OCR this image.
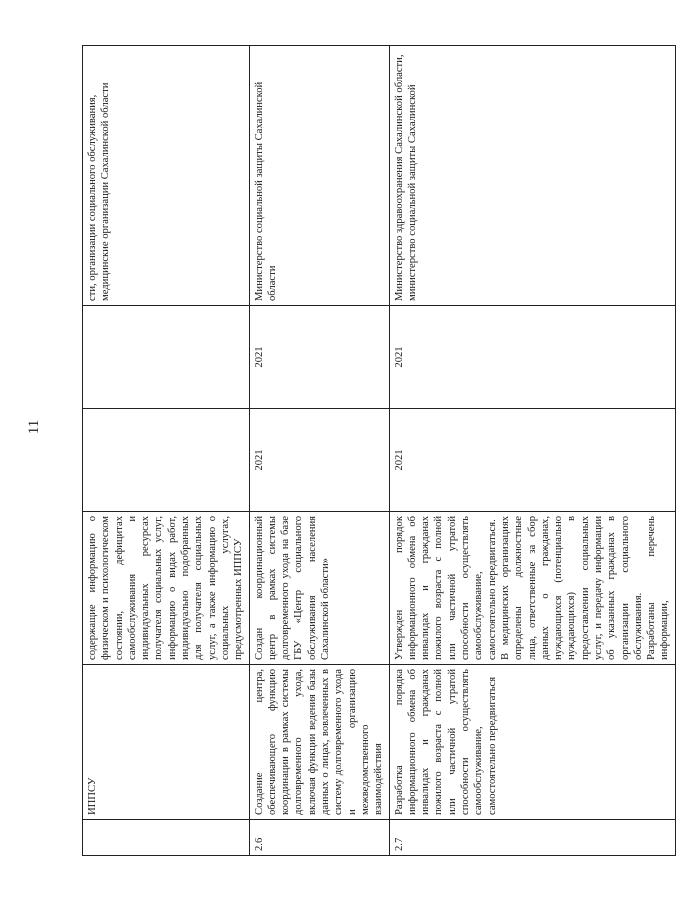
11
	ИППСУ	содержащие информацию о физическом и психологическом состоянии, дефицитах самообслуживания и индивидуальных ресурсах получателя социальных услуг, информацию о видах работ, индивидуально подобранных для получателя социальных услуг, а также информацию о социальных услугах, предусмотренных ИППСУ			сти, организации социального обслуживания, медицинские организации Сахалинской области
2.6	Создание центра, обеспечивающего функцию координации в рамках системы долговременного ухода, включая функции ведения базы данных о лицах, вовлеченных в систему долговременного ухода и организацию межведомственного взаимодействия	Создан координационный центр в рамках системы долговременного ухода на базе ГБУ «Центр социального обслуживания населения Сахалинской области»	2021	2021	Министерство социальной защиты Сахалинской области
2.7	Разработка порядка информационного обмена об инвалидах и гражданах пожилого возраста с полной или частичной утратой способности осуществлять самообслуживание, самостоятельно передвигаться	Утвержден порядок информационного обмена об инвалидах и гражданах пожилого возраста с полной или частичной утратой способности осуществлять самообслуживание, самостоятельно передвигаться.
В медицинских организациях определены должностные лица, ответственные за сбор данных о гражданах, нуждающихся (потенциально нуждающихся) в предоставлении социальных услуг, и передачу информации об указанных гражданах в организации социального обслуживания.
Разработаны перечень информации,	2021	2021	Министерство здравоохранения Сахалинской области, министерство социальной защиты Сахалинской
